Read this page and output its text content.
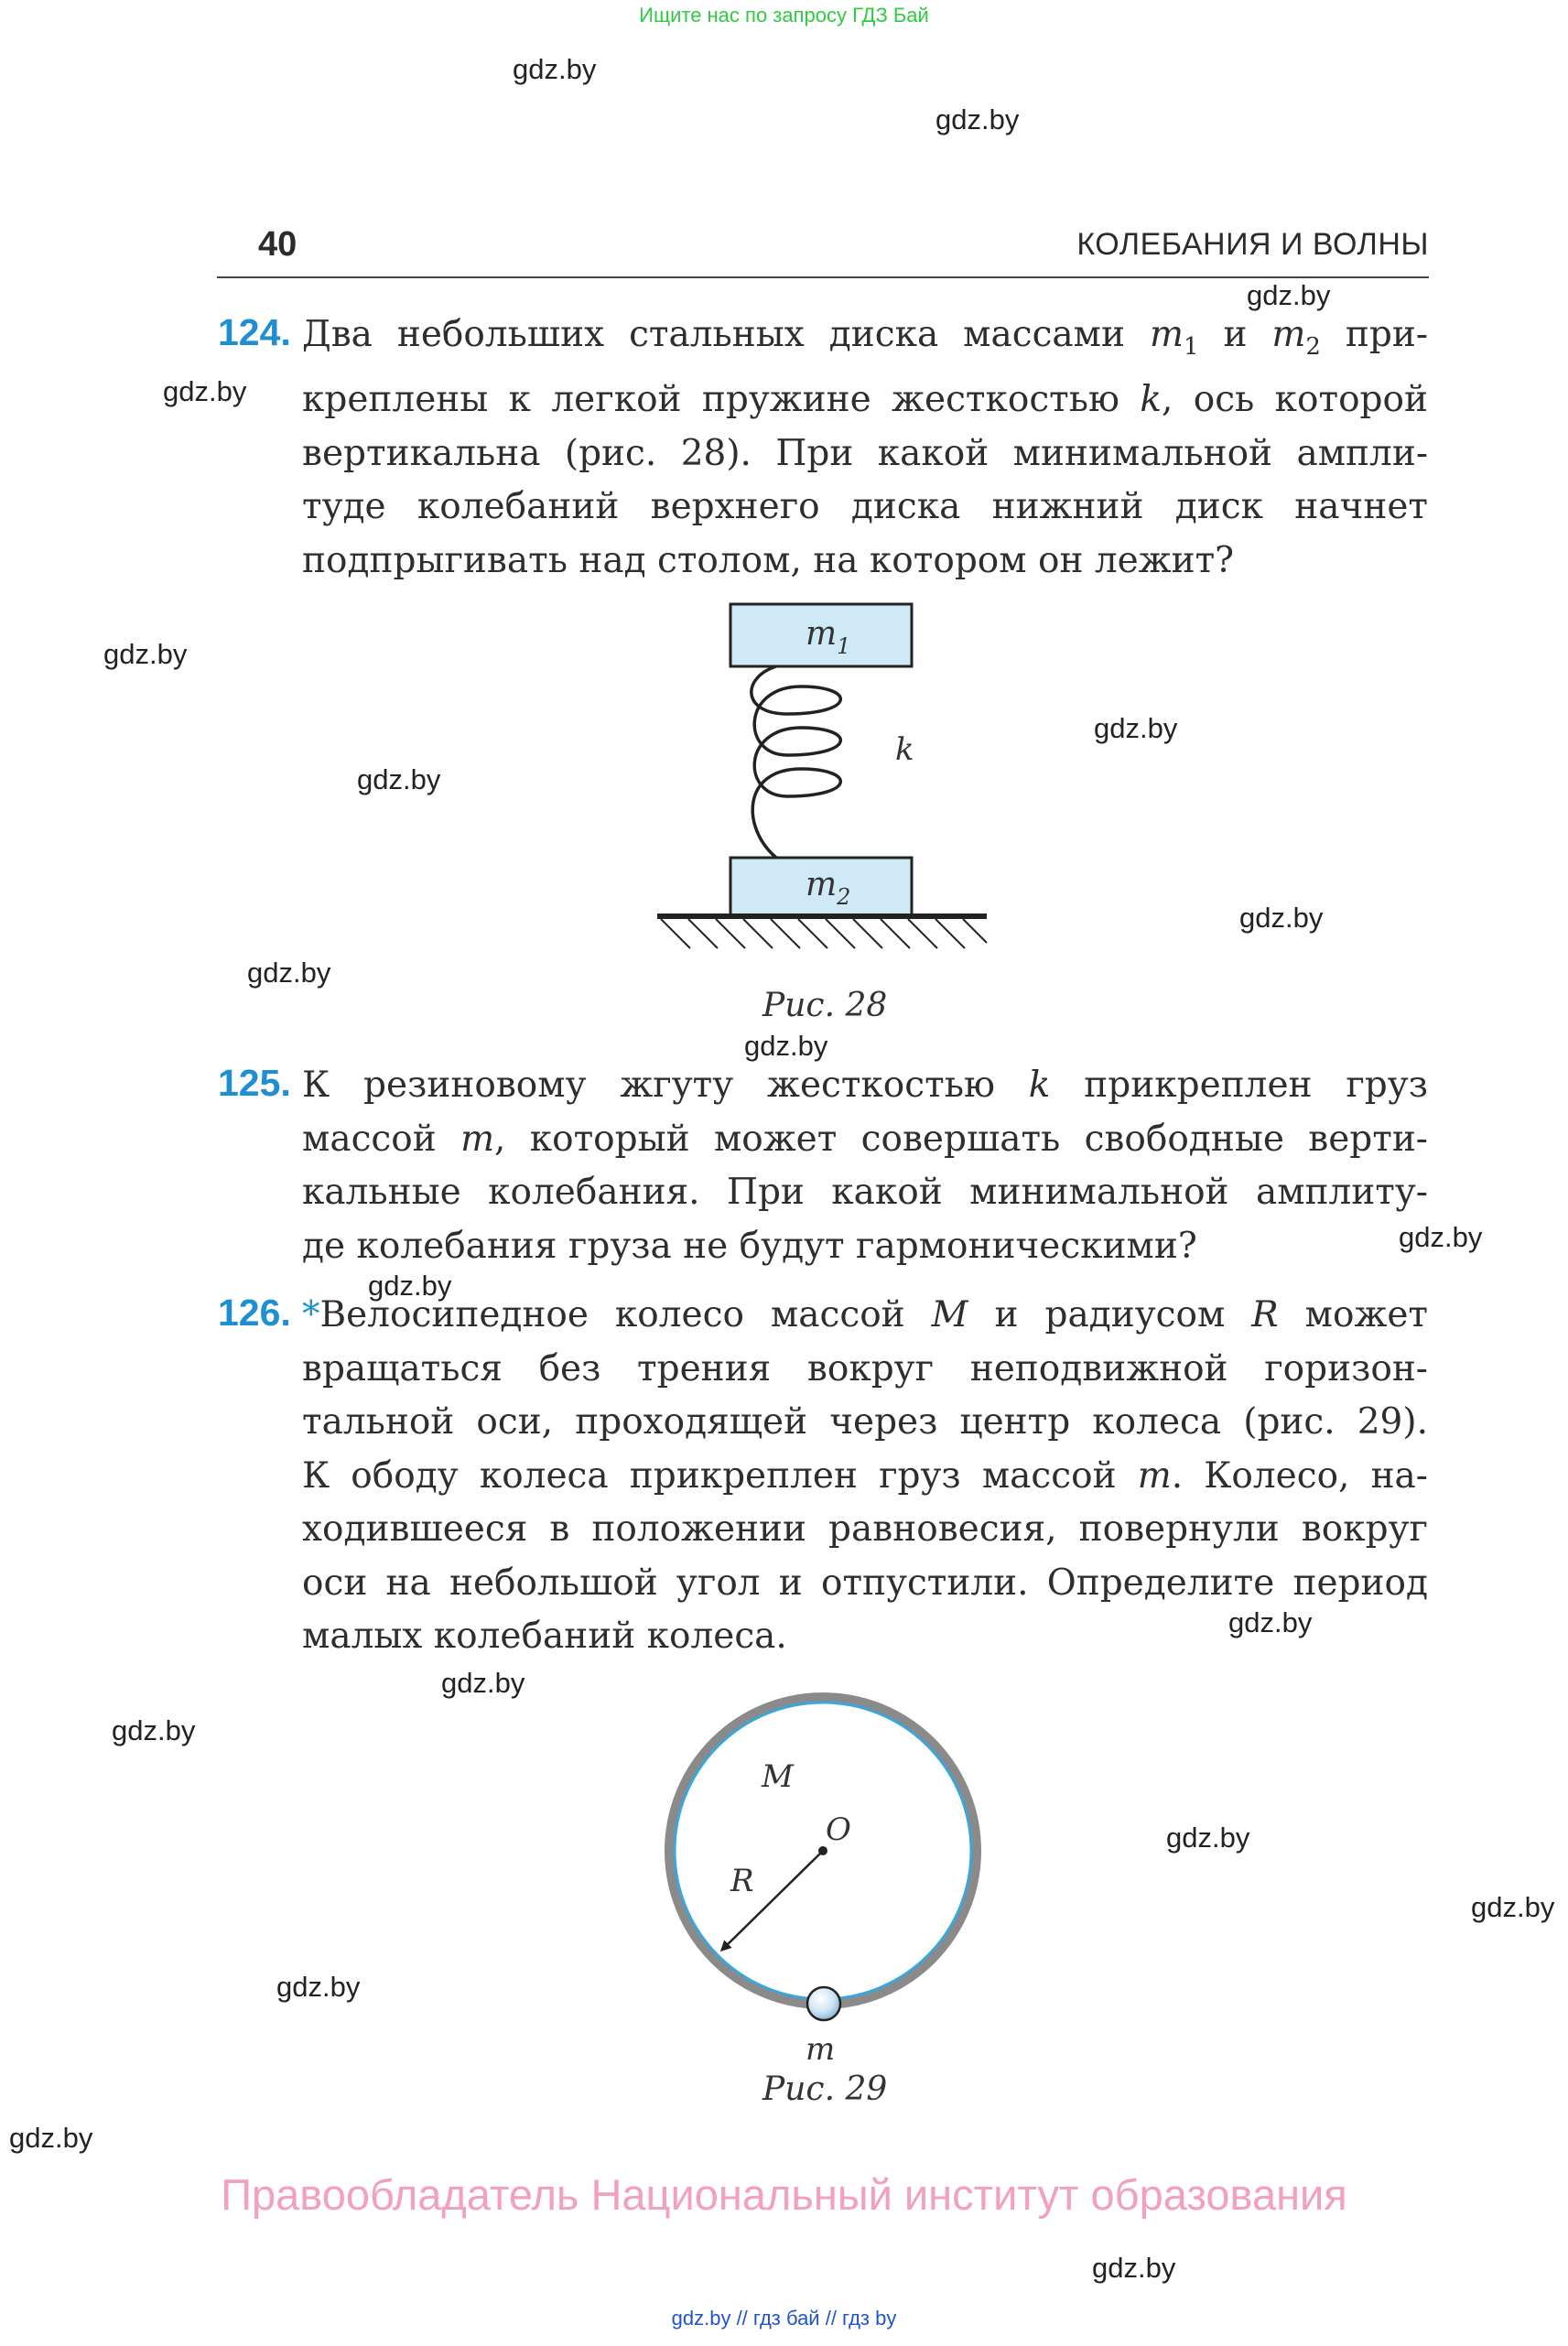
Ищите нас по запросу ГДЗ Бай
gdz.by
gdz.by
gdz.by
gdz.by
gdz.by
gdz.by
gdz.by
gdz.by
gdz.by
gdz.by
gdz.by
gdz.by
gdz.by
gdz.by
gdz.by
gdz.by
gdz.by
gdz.by
gdz.by
gdz.by
40	КОЛЕБАНИЯ И ВОЛНЫ
124. Два небольших стальных диска массами $m_1$ и $m_2$ при-
креплены к легкой пружине жесткостью k, ось которой
вертикальна (рис. 28). При какой минимальной ампли-
туде колебаний верхнего диска нижний диск начнет
подпрыгивать над столом, на котором он лежит?
$m_1$
$m_2$
k
Рис. 28
125. К резиновому жгуту жесткостью k прикреплен груз
массой m, который может совершать свободные верти-
кальные колебания. При какой минимальной амплиту-
де колебания груза не будут гармоническими?
126. *Велосипедное колесо массой M и радиусом R может
вращаться без трения вокруг неподвижной горизон-
тальной оси, проходящей через центр колеса (рис. 29).
К ободу колеса прикреплен груз массой m. Колесо, на-
ходившееся в положении равновесия, повернули вокруг
оси на небольшой угол и отпустили. Определите период
малых колебаний колеса.
M
O
R
m
Рис. 29
Правообладатель Национальный институт образования
gdz.by // гдз бай // гдз by
